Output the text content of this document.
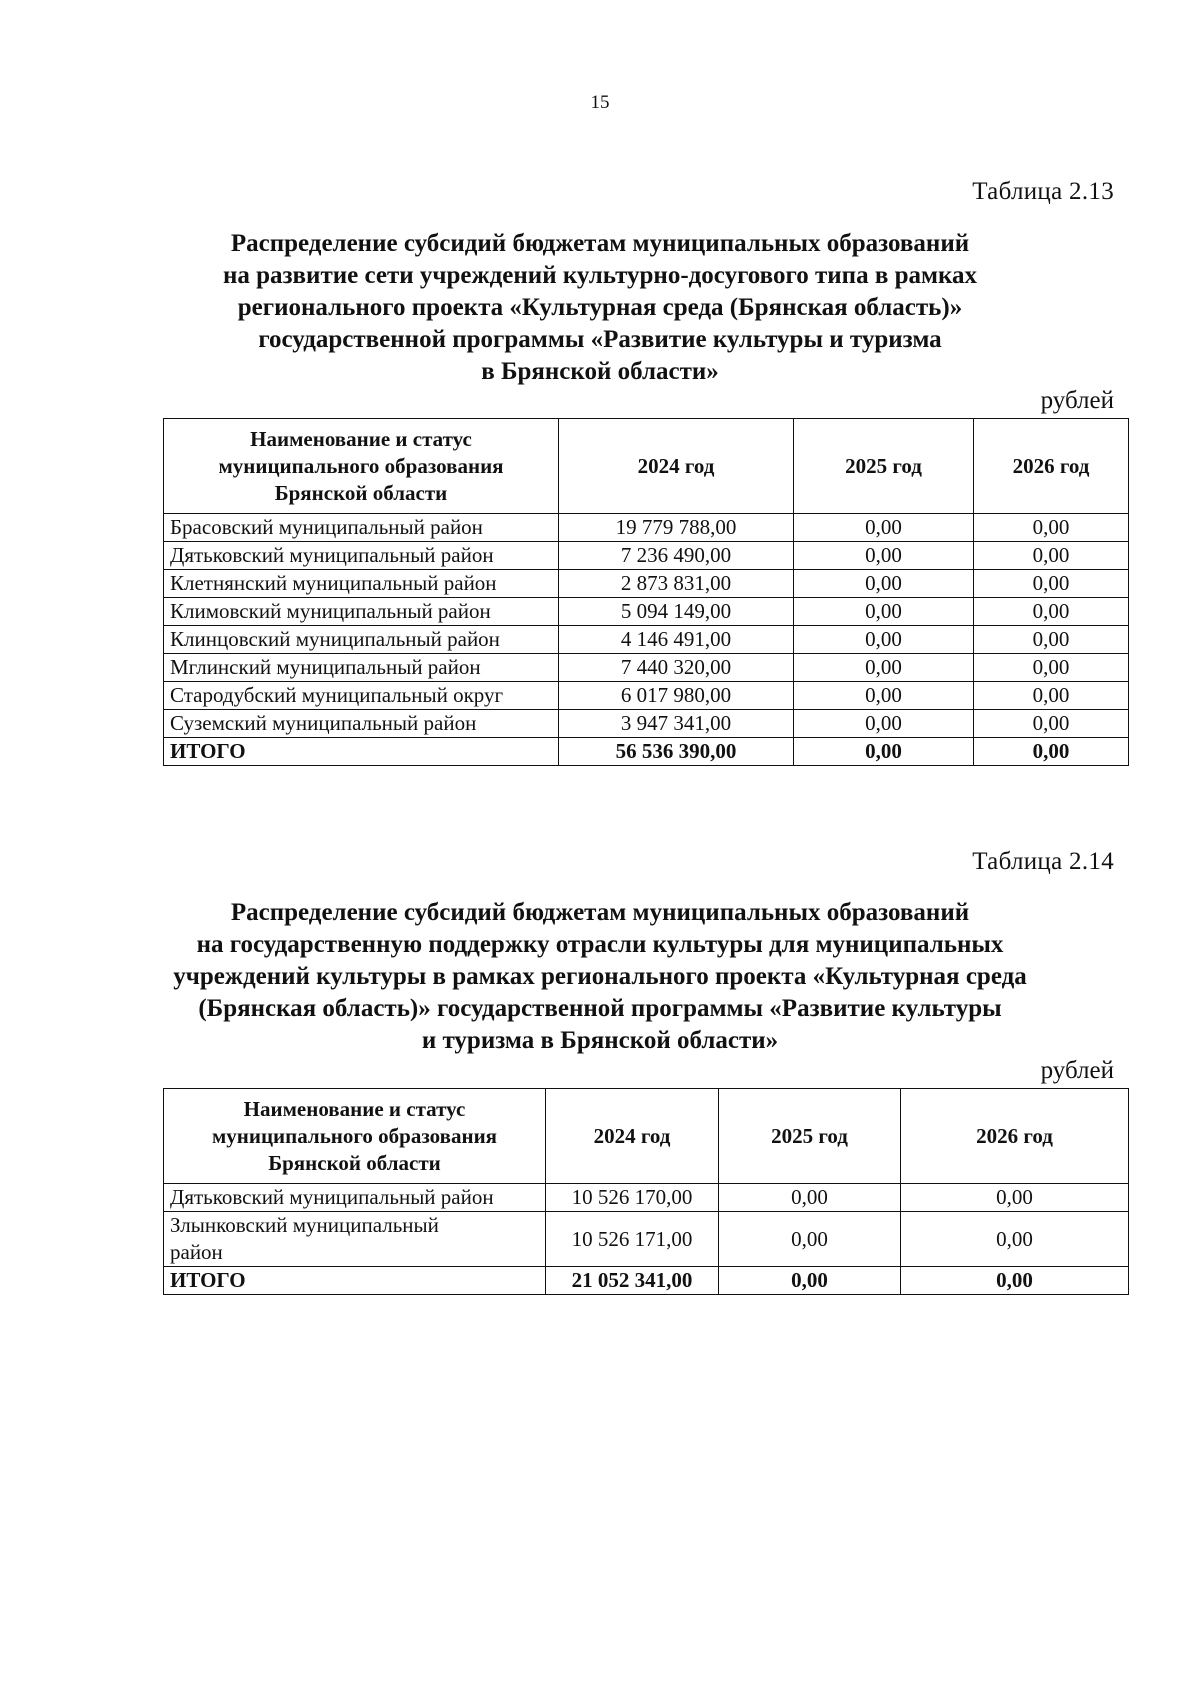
15
Таблица 2.13
Распределение субсидий бюджетам муниципальных образований
на развитие сети учреждений культурно-досугового типа в рамках
регионального проекта «Культурная среда (Брянская область)»
государственной программы «Развитие культуры и туризма
в Брянской области»
рублей
Наименование и статус
муниципального образования
Брянской области	2024 год	2025 год	2026 год
Брасовский муниципальный район	19 779 788,00	0,00	0,00
Дятьковский муниципальный район	7 236 490,00	0,00	0,00
Клетнянский муниципальный район	2 873 831,00	0,00	0,00
Климовский муниципальный район	5 094 149,00	0,00	0,00
Клинцовский муниципальный район	4 146 491,00	0,00	0,00
Мглинский муниципальный район	7 440 320,00	0,00	0,00
Стародубский муниципальный округ	6 017 980,00	0,00	0,00
Суземский муниципальный район	3 947 341,00	0,00	0,00
ИТОГО	56 536 390,00	0,00	0,00
Таблица 2.14
Распределение субсидий бюджетам муниципальных образований
на государственную поддержку отрасли культуры для муниципальных
учреждений культуры в рамках регионального проекта «Культурная среда
(Брянская область)» государственной программы «Развитие культуры
и туризма в Брянской области»
рублей
Наименование и статус
муниципального образования
Брянской области	2024 год	2025 год	2026 год
Дятьковский муниципальный район	10 526 170,00	0,00	0,00

Злынковский муниципальный
район	10 526 171,00	0,00	0,00
ИТОГО	21 052 341,00	0,00	0,00
